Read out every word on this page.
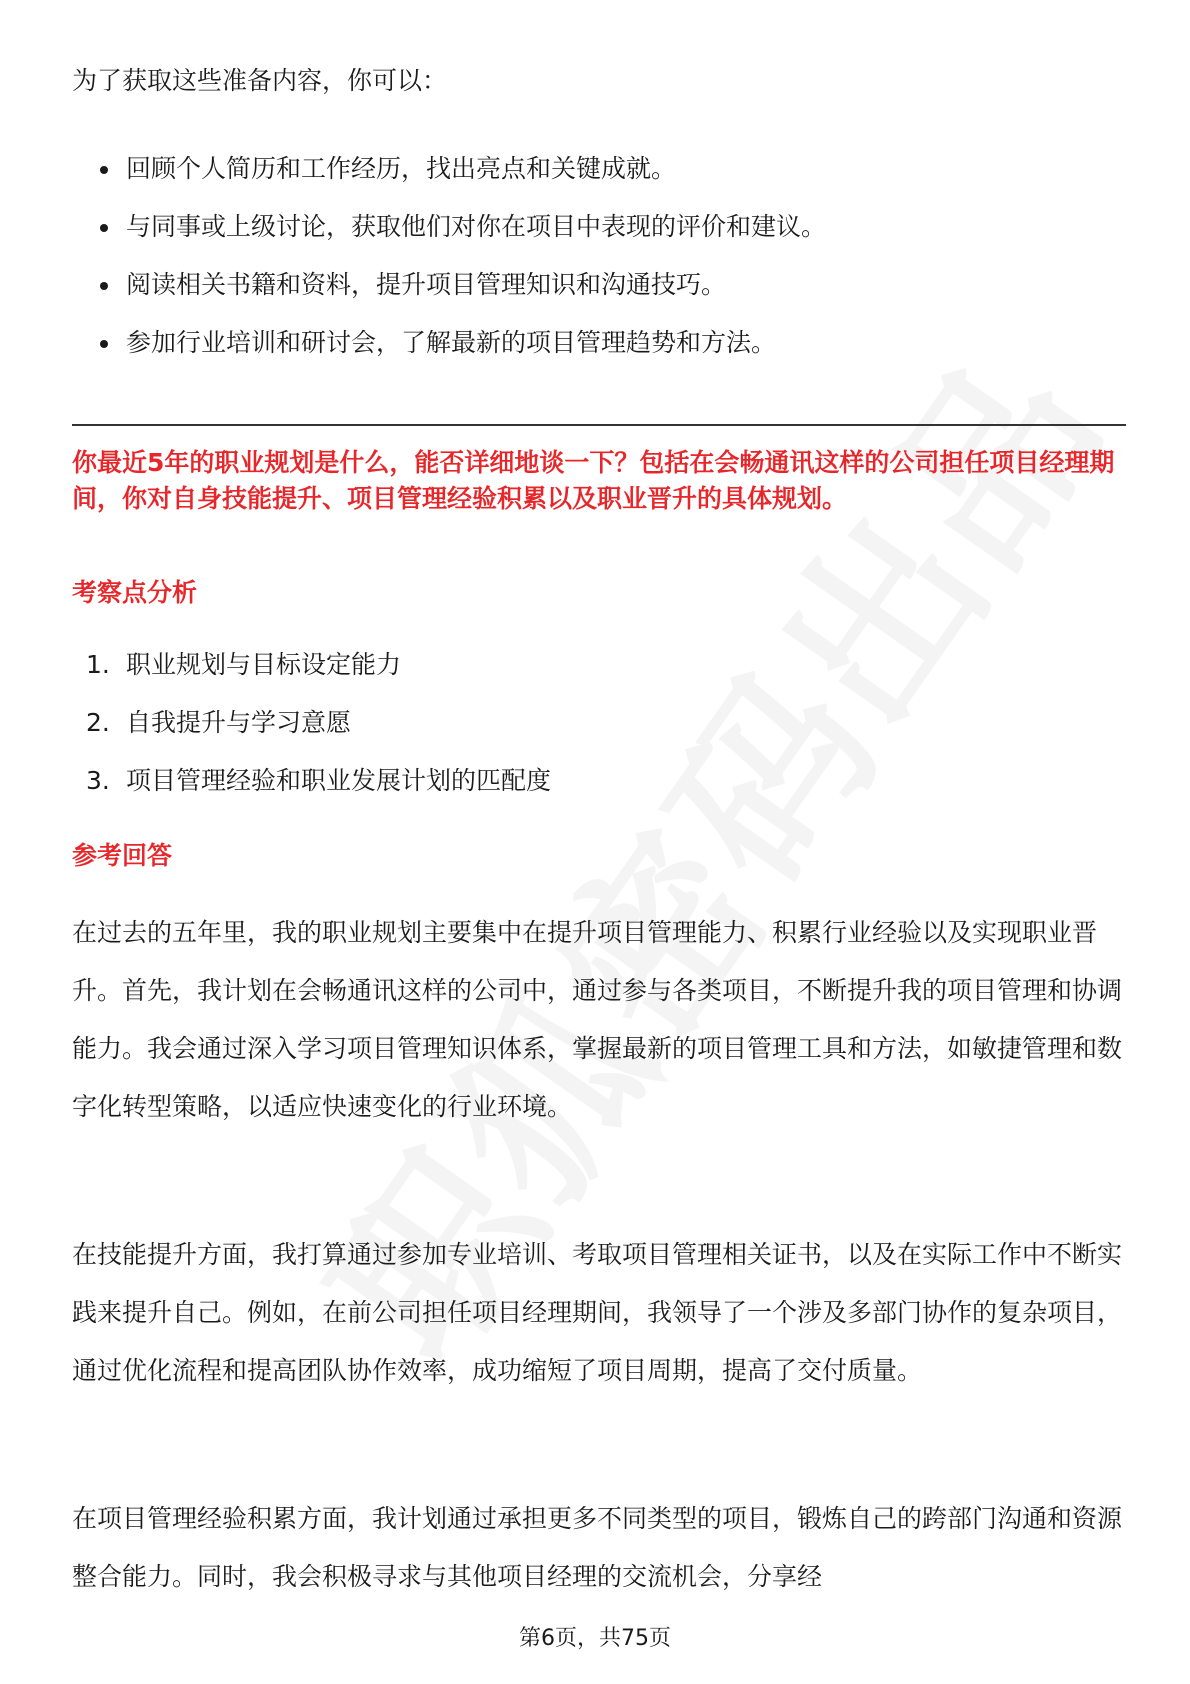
为了获取这些准备内容，你可以：

回顾个人简历和工作经历，找出亮点和关键成就。
与同事或上级讨论，获取他们对你在项目中表现的评价和建议。
阅读相关书籍和资料，提升项目管理知识和沟通技巧。
参加行业培训和研讨会，了解最新的项目管理趋势和方法。

你最近5年的职业规划是什么，能否详细地谈一下？包括在会畅通讯这样的公司担任项目经理期间，你对自身技能提升、项目管理经验积累以及职业晋升的具体规划。

考察点分析

1. 职业规划与目标设定能力
2. 自我提升与学习意愿
3. 项目管理经验和职业发展计划的匹配度

参考回答

在过去的五年里，我的职业规划主要集中在提升项目管理能力、积累行业经验以及实现职业晋升。首先，我计划在会畅通讯这样的公司中，通过参与各类项目，不断提升我的项目管理和协调能力。我会通过深入学习项目管理知识体系，掌握最新的项目管理工具和方法，如敏捷管理和数字化转型策略，以适应快速变化的行业环境。

在技能提升方面，我打算通过参加专业培训、考取项目管理相关证书，以及在实际工作中不断实践来提升自己。例如，在前公司担任项目经理期间，我领导了一个涉及多部门协作的复杂项目，通过优化流程和提高团队协作效率，成功缩短了项目周期，提高了交付质量。

在项目管理经验积累方面，我计划通过承担更多不同类型的项目，锻炼自己的跨部门沟通和资源整合能力。同时，我会积极寻求与其他项目经理的交流机会，分享经

第6页，共75页
